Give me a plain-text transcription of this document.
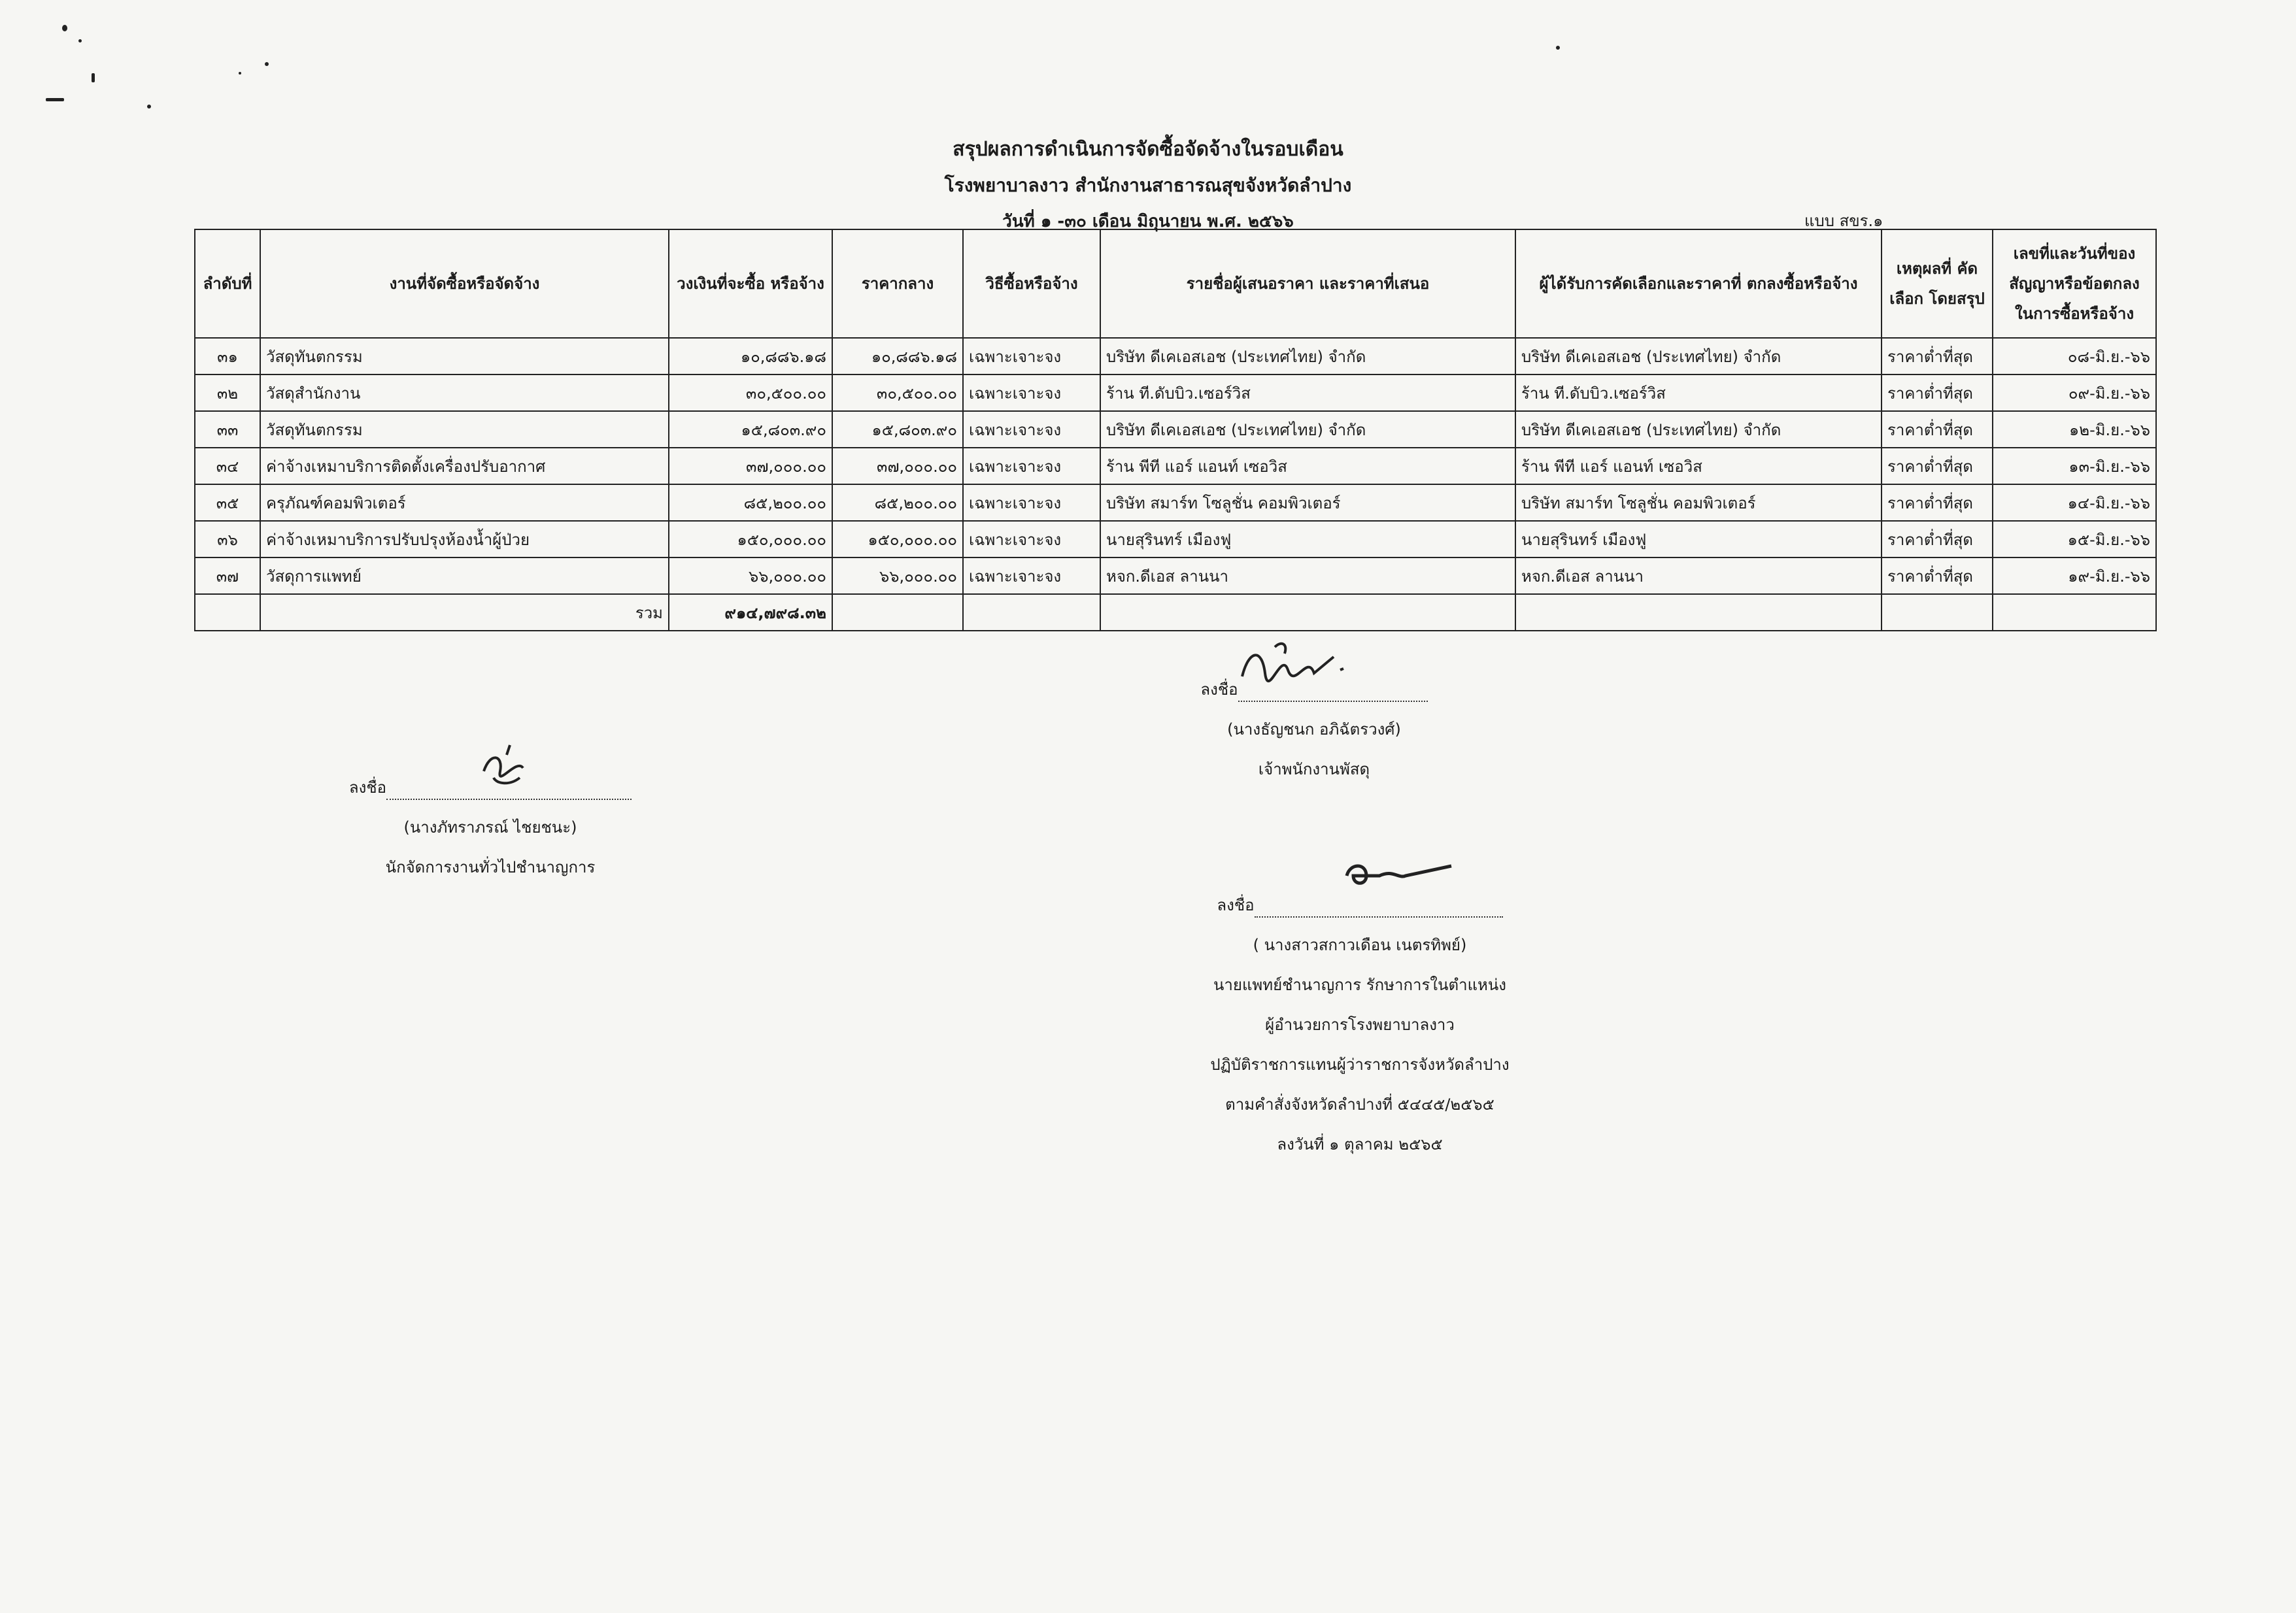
สรุปผลการดำเนินการจัดซื้อจัดจ้างในรอบเดือน
โรงพยาบาลงาว สำนักงานสาธารณสุขจังหวัดลำปาง
วันที่ ๑ -๓๐ เดือน มิถุนายน พ.ศ. ๒๕๖๖	แบบ สขร.๑
ลำดับที่	งานที่จัดซื้อหรือจัดจ้าง	วงเงินที่จะซื้อ หรือจ้าง	ราคากลาง	วิธีซื้อหรือจ้าง	รายชื่อผู้เสนอราคา และราคาที่เสนอ	ผู้ได้รับการคัดเลือกและราคาที่ ตกลงซื้อหรือจ้าง	เหตุผลที่ คัดเลือก โดยสรุป	เลขที่และวันที่ของ สัญญาหรือข้อตกลง ในการซื้อหรือจ้าง
๓๑	วัสดุทันตกรรม	๑๐,๘๘๖.๑๘	๑๐,๘๘๖.๑๘	เฉพาะเจาะจง	บริษัท ดีเคเอสเอช (ประเทศไทย) จำกัด	บริษัท ดีเคเอสเอช (ประเทศไทย) จำกัด	ราคาต่ำที่สุด	๐๘-มิ.ย.-๖๖
๓๒	วัสดุสำนักงาน	๓๐,๕๐๐.๐๐	๓๐,๕๐๐.๐๐	เฉพาะเจาะจง	ร้าน ที.ดับบิว.เซอร์วิส	ร้าน ที.ดับบิว.เซอร์วิส	ราคาต่ำที่สุด	๐๙-มิ.ย.-๖๖
๓๓	วัสดุทันตกรรม	๑๕,๘๐๓.๙๐	๑๕,๘๐๓.๙๐	เฉพาะเจาะจง	บริษัท ดีเคเอสเอช (ประเทศไทย) จำกัด	บริษัท ดีเคเอสเอช (ประเทศไทย) จำกัด	ราคาต่ำที่สุด	๑๒-มิ.ย.-๖๖
๓๔	ค่าจ้างเหมาบริการติดตั้งเครื่องปรับอากาศ	๓๗,๐๐๐.๐๐	๓๗,๐๐๐.๐๐	เฉพาะเจาะจง	ร้าน พีที แอร์ แอนท์ เซอวิส	ร้าน พีที แอร์ แอนท์ เซอวิส	ราคาต่ำที่สุด	๑๓-มิ.ย.-๖๖
๓๕	ครุภัณฑ์คอมพิวเตอร์	๘๕,๒๐๐.๐๐	๘๕,๒๐๐.๐๐	เฉพาะเจาะจง	บริษัท สมาร์ท โซลูชั่น คอมพิวเตอร์	บริษัท สมาร์ท โซลูชั่น คอมพิวเตอร์	ราคาต่ำที่สุด	๑๔-มิ.ย.-๖๖
๓๖	ค่าจ้างเหมาบริการปรับปรุงห้องน้ำผู้ป่วย	๑๕๐,๐๐๐.๐๐	๑๕๐,๐๐๐.๐๐	เฉพาะเจาะจง	นายสุรินทร์ เมืองฟู	นายสุรินทร์ เมืองฟู	ราคาต่ำที่สุด	๑๕-มิ.ย.-๖๖
๓๗	วัสดุการแพทย์	๖๖,๐๐๐.๐๐	๖๖,๐๐๐.๐๐	เฉพาะเจาะจง	หจก.ดีเอส ลานนา	หจก.ดีเอส ลานนา	ราคาต่ำที่สุด	๑๙-มิ.ย.-๖๖
	รวม	๙๑๔,๗๙๘.๓๒						
ลงชื่อ
(นางธัญชนก อภิฉัตรวงศ์)
เจ้าพนักงานพัสดุ
ลงชื่อ
(นางภัทราภรณ์ ไชยชนะ)
นักจัดการงานทั่วไปชำนาญการ
ลงชื่อ
( นางสาวสกาวเดือน เนตรทิพย์)
นายแพทย์ชำนาญการ รักษาการในตำแหน่ง
ผู้อำนวยการโรงพยาบาลงาว
ปฏิบัติราชการแทนผู้ว่าราชการจังหวัดลำปาง
ตามคำสั่งจังหวัดลำปางที่ ๕๔๔๕/๒๕๖๕
ลงวันที่ ๑ ตุลาคม ๒๕๖๕
